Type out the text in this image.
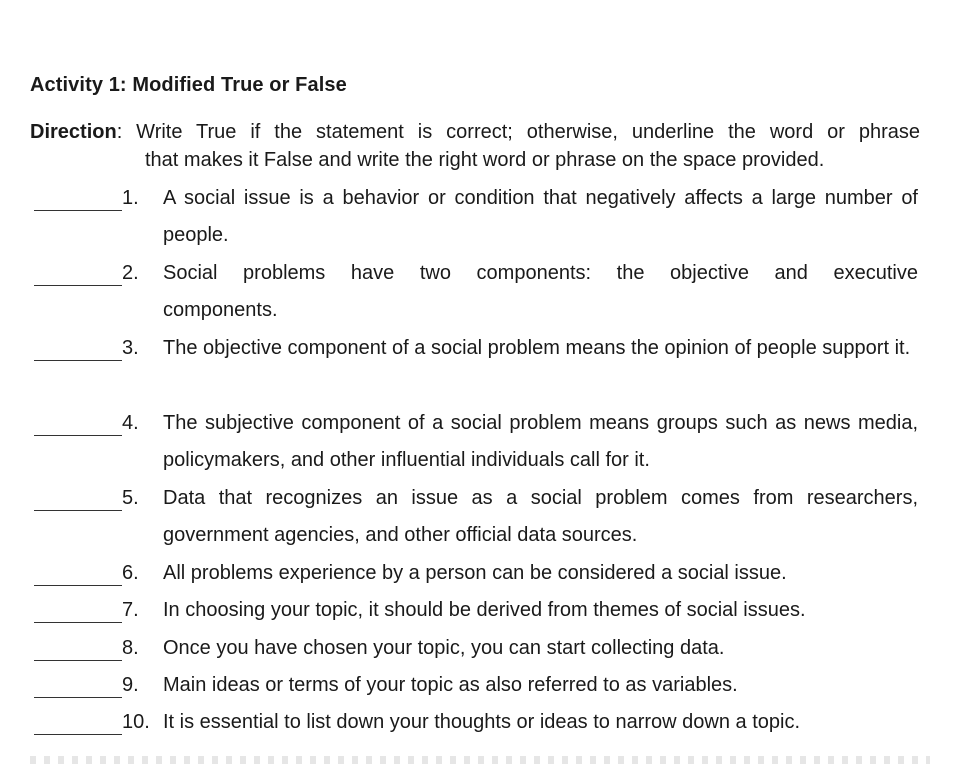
Activity 1: Modified True or False
Direction: Write True if the statement is correct; otherwise, underline the word or phrase
that makes it False and write the right word or phrase on the space provided.
1.	A social issue is a behavior or condition that negatively affects a large number of people.
2.	Social problems have two components: the objective and executive components.
3.	The objective component of a social problem means the opinion of people support it.
4.	The subjective component of a social problem means groups such as news media, policymakers, and other influential individuals call for it.
5.	Data that recognizes an issue as a social problem comes from researchers, government agencies, and other official data sources.
6.	All problems experience by a person can be considered a social issue.
7.	In choosing your topic, it should be derived from themes of social issues.
8.	Once you have chosen your topic, you can start collecting data.
9.	Main ideas or terms of your topic as also referred to as variables.
10. It is essential to list down your thoughts or ideas to narrow down a topic.
